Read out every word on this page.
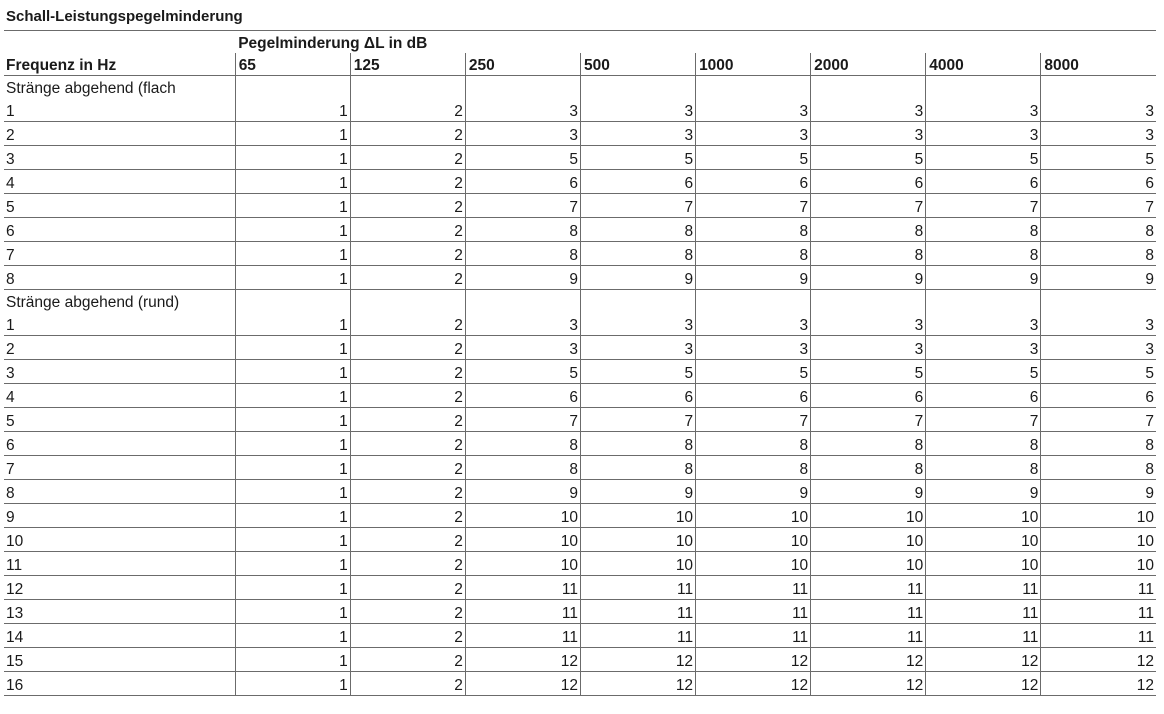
Schall-Leistungspegelminderung
	Pegelminderung ΔL in dB							
Frequenz in Hz	65	125	250	500	1000	2000	4000	8000
Stränge abgehend (flach								
1	1	2	3	3	3	3	3	3
2	1	2	3	3	3	3	3	3
3	1	2	5	5	5	5	5	5
4	1	2	6	6	6	6	6	6
5	1	2	7	7	7	7	7	7
6	1	2	8	8	8	8	8	8
7	1	2	8	8	8	8	8	8
8	1	2	9	9	9	9	9	9
Stränge abgehend (rund)								
1	1	2	3	3	3	3	3	3
2	1	2	3	3	3	3	3	3
3	1	2	5	5	5	5	5	5
4	1	2	6	6	6	6	6	6
5	1	2	7	7	7	7	7	7
6	1	2	8	8	8	8	8	8
7	1	2	8	8	8	8	8	8
8	1	2	9	9	9	9	9	9
9	1	2	10	10	10	10	10	10
10	1	2	10	10	10	10	10	10
11	1	2	10	10	10	10	10	10
12	1	2	11	11	11	11	11	11
13	1	2	11	11	11	11	11	11
14	1	2	11	11	11	11	11	11
15	1	2	12	12	12	12	12	12
16	1	2	12	12	12	12	12	12
